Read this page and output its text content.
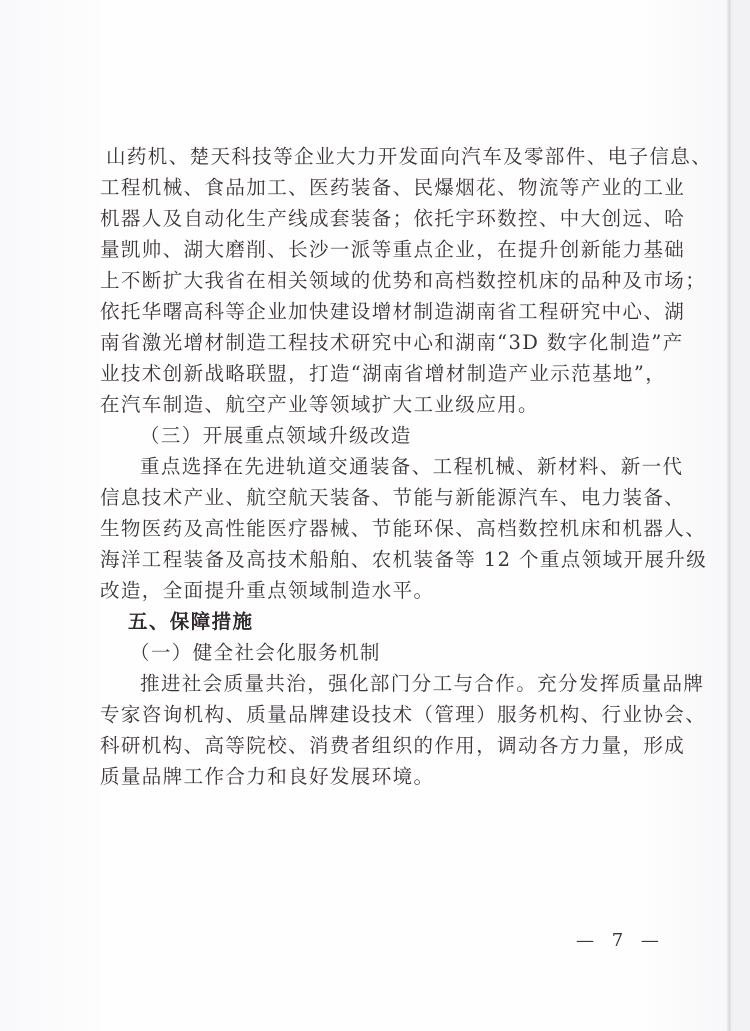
山药机、楚天科技等企业大力开发面向汽车及零部件、电子信息、
工程机械、食品加工、医药装备、民爆烟花、物流等产业的工业
机器人及自动化生产线成套装备；依托宇环数控、中大创远、哈
量凯帅、湖大磨削、长沙一派等重点企业，在提升创新能力基础
上不断扩大我省在相关领域的优势和高档数控机床的品种及市场；
依托华曙高科等企业加快建设增材制造湖南省工程研究中心、湖
南省激光增材制造工程技术研究中心和湖南“3D 数字化制造”产
业技术创新战略联盟，打造“湖南省增材制造产业示范基地”，
在汽车制造、航空产业等领域扩大工业级应用。
（三）开展重点领域升级改造
重点选择在先进轨道交通装备、工程机械、新材料、新一代
信息技术产业、航空航天装备、节能与新能源汽车、电力装备、
生物医药及高性能医疗器械、节能环保、高档数控机床和机器人、
海洋工程装备及高技术船舶、农机装备等 12 个重点领域开展升级
改造，全面提升重点领域制造水平。
五、保障措施
（一）健全社会化服务机制
推进社会质量共治，强化部门分工与合作。充分发挥质量品牌
专家咨询机构、质量品牌建设技术（管理）服务机构、行业协会、
科研机构、高等院校、消费者组织的作用，调动各方力量，形成
质量品牌工作合力和良好发展环境。
— 7 —
